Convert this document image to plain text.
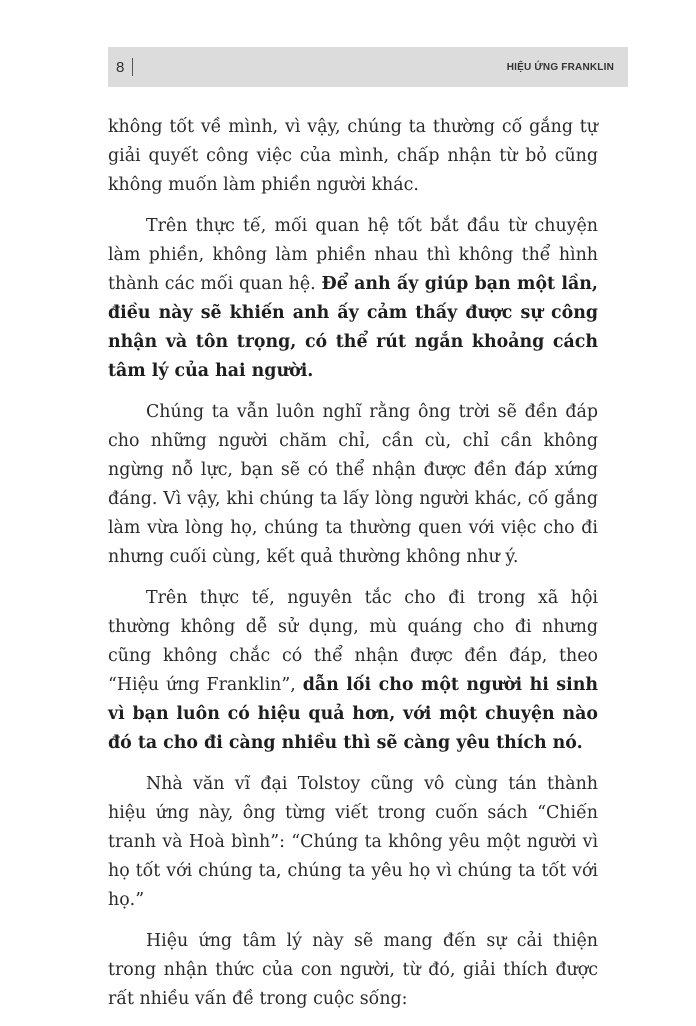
8	HIỆU ỨNG FRANKLIN

không tốt về mình, vì vậy, chúng ta thường cố gắng tự giải quyết công việc của mình, chấp nhận từ bỏ cũng không muốn làm phiền người khác.

Trên thực tế, mối quan hệ tốt bắt đầu từ chuyện làm phiền, không làm phiền nhau thì không thể hình thành các mối quan hệ. Để anh ấy giúp bạn một lần, điều này sẽ khiến anh ấy cảm thấy được sự công nhận và tôn trọng, có thể rút ngắn khoảng cách tâm lý của hai người.

Chúng ta vẫn luôn nghĩ rằng ông trời sẽ đền đáp cho những người chăm chỉ, cần cù, chỉ cần không ngừng nỗ lực, bạn sẽ có thể nhận được đền đáp xứng đáng. Vì vậy, khi chúng ta lấy lòng người khác, cố gắng làm vừa lòng họ, chúng ta thường quen với việc cho đi nhưng cuối cùng, kết quả thường không như ý.

Trên thực tế, nguyên tắc cho đi trong xã hội thường không dễ sử dụng, mù quáng cho đi nhưng cũng không chắc có thể nhận được đền đáp, theo “Hiệu ứng Franklin”, dẫn lối cho một người hi sinh vì bạn luôn có hiệu quả hơn, với một chuyện nào đó ta cho đi càng nhiều thì sẽ càng yêu thích nó.

Nhà văn vĩ đại Tolstoy cũng vô cùng tán thành hiệu ứng này, ông từng viết trong cuốn sách “Chiến tranh và Hoà bình”: “Chúng ta không yêu một người vì họ tốt với chúng ta, chúng ta yêu họ vì chúng ta tốt với họ.”

Hiệu ứng tâm lý này sẽ mang đến sự cải thiện trong nhận thức của con người, từ đó, giải thích được rất nhiều vấn đề trong cuộc sống:
